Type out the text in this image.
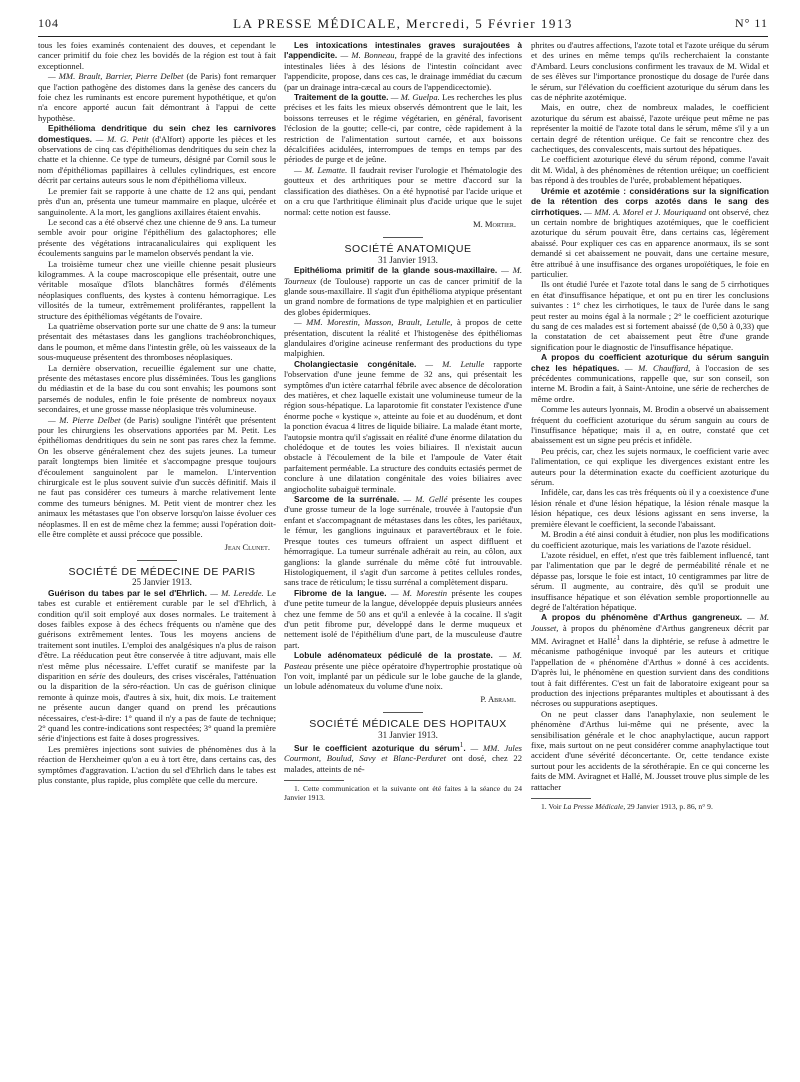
104	LA PRESSE MÉDICALE, Mercredi, 5 Février 1913	N° 11

tous les foies examinés contenaient des douves, et cependant le cancer primitif du foie chez les bovidés de la région est tout à fait exceptionnel.

— MM. Brault, Barrier, Pierre Delbet (de Paris) font remarquer que l'action pathogène des distomes dans la genèse des cancers du foie chez les ruminants est encore purement hypothétique, et qu'on n'a encore apporté aucun fait démontrant à l'appui de cette hypothèse.

Epithélioma dendritique du sein chez les carnivores domestiques. — M. G. Petit (d'Alfort) apporte les pièces et les observations de cinq cas d'épithéliomas dendritiques du sein chez la chatte et la chienne. Ce type de tumeurs, désigné par Cornil sous le nom d'épithéliomas papillaires à cellules cylindriques, est encore décrit par certains auteurs sous le nom d'épithélioma villeux.

Le premier fait se rapporte à une chatte de 12 ans qui, pendant près d'un an, présenta une tumeur mammaire en plaque, ulcérée et sanguinolente. A la mort, les ganglions axillaires étaient envahis.

Le second cas a été observé chez une chienne de 9 ans. La tumeur semble avoir pour origine l'épithélium des galactophores; elle présente des végétations intracanaliculaires qui expliquent les écoulements sanguins par le mamelon observés pendant la vie.

La troisième tumeur chez une vieille chienne pesait plusieurs kilogrammes. A la coupe macroscopique elle présentait, outre une véritable mosaïque d'îlots blanchâtres formés d'éléments néoplasiques confluents, des kystes à contenu hémorragique. Les villosités de la tumeur, extrêmement proliférantes, rappellent la structure des épithéliomas végétants de l'ovaire.

La quatrième observation porte sur une chatte de 9 ans: la tumeur présentait des métastases dans les ganglions trachéobronchiques, dans le poumon, et même dans l'intestin grêle, où les vaisseaux de la sous-muqueuse présentent des thromboses néoplasiques.

La dernière observation, recueillie également sur une chatte, présente des métastases encore plus disséminées. Tous les ganglions du médiastin et de la base du cou sont envahis; les poumons sont parsemés de nodules, enfin le foie présente de nombreux noyaux secondaires, et une grosse masse néoplasique très volumineuse.

— M. Pierre Delbet (de Paris) souligne l'intérêt que présentent pour les chirurgiens les observations apportées par M. Petit. Les épithéliomas dendritiques du sein ne sont pas rares chez la femme. On les observe généralement chez des sujets jeunes. La tumeur paraît longtemps bien limitée et s'accompagne presque toujours d'écoulement sanguinolent par le mamelon. L'intervention chirurgicale est le plus souvent suivie d'un succès définitif. Mais il ne faut pas considérer ces tumeurs à marche relativement lente comme des tumeurs bénignes. M. Petit vient de montrer chez les animaux les métastases que l'on observe lorsqu'on laisse évoluer ces néoplasmes. Il en est de même chez la femme; aussi l'opération doit-elle être complète et aussi précoce que possible.

Jean Clunet.

SOCIÉTÉ DE MÉDECINE DE PARIS

25 Janvier 1913.

Guérison du tabes par le sel d'Ehrlich. — M. Leredde. Le tabes est curable et entièrement curable par le sel d'Ehrlich, à condition qu'il soit employé aux doses normales. Le traitement à doses faibles expose à des échecs fréquents ou n'amène que des guérisons extrêmement lentes. Tous les moyens anciens de traitement sont inutiles. L'emploi des analgésiques n'a plus de raison d'être. La rééducation peut être conservée à titre adjuvant, mais elle n'est même plus nécessaire. L'effet curatif se manifeste par la disparition en série des douleurs, des crises viscérales, l'atténuation ou la disparition de la séro-réaction. Un cas de guérison clinique remonte à quinze mois, d'autres à six, huit, dix mois. Le traitement ne présente aucun danger quand on prend les précautions nécessaires, c'est-à-dire: 1° quand il n'y a pas de faute de technique; 2° quand les contre-indications sont respectées; 3° quand la première série d'injections est faite à doses progressives.

Les premières injections sont suivies de phénomènes dus à la réaction de Herxheimer qu'on a eu à tort être, dans certains cas, des symptômes d'aggravation. L'action du sel d'Ehrlich dans le tabes est plus constante, plus rapide, plus complète que celle du mercure.

Les intoxications intestinales graves surajoutées à l'appendicite. — M. Bonneau, frappé de la gravité des infections intestinales liées à des lésions de l'intestin coïncidant avec l'appendicite, propose, dans ces cas, le drainage immédiat du cæcum (par un drainage intra-cæcal au cours de l'appendicectomie).

Traitement de la goutte. — M. Guelpa. Les recherches les plus précises et les faits les mieux observés démontrent que le lait, les boissons terreuses et le régime végétarien, en général, favorisent l'éclosion de la goutte; celle-ci, par contre, cède rapidement à la restriction de l'alimentation surtout carnée, et aux boissons décalcifiées acidulées, interrompues de temps en temps par des périodes de purge et de jeûne.

— M. Lematte. Il faudrait reviser l'urologie et l'hématologie des goutteux et des arthritiques pour se mettre d'accord sur la classification des diathèses. On a été hypnotisé par l'acide urique et on a cru que l'arthritique éliminait plus d'acide urique que le sujet normal: cette notion est fausse.

M. Mortier.

SOCIÉTÉ ANATOMIQUE

31 Janvier 1913.

Epithélioma primitif de la glande sous-maxillaire. — M. Tourneux (de Toulouse) rapporte un cas de cancer primitif de la glande sous-maxillaire. Il s'agit d'un épithélioma atypique présentant un grand nombre de formations de type malpighien et en particulier des globes épidermiques.

— MM. Morestin, Masson, Brault, Letulle, à propos de cette présentation, discutent la réalité et l'histogenèse des épithéliomas glandulaires d'origine acineuse renfermant des productions du type malpighien.

Cholangiectasie congénitale. — M. Letulle rapporte l'observation d'une jeune femme de 32 ans, qui présentait les symptômes d'un ictère catarrhal fébrile avec absence de décoloration des matières, et chez laquelle existait une volumineuse tumeur de la région sous-hépatique. La laparotomie fit constater l'existence d'une énorme poche « kystique », atteinte au foie et au duodénum, et dont la ponction évacua 4 litres de liquide biliaire. La malade étant morte, l'autopsie montra qu'il s'agissait en réalité d'une énorme dilatation du cholédoque et de toutes les voies biliaires. Il n'existait aucun obstacle à l'écoulement de la bile et l'ampoule de Vater était parfaitement perméable. La structure des conduits ectasiés permet de conclure à une dilatation congénitale des voies biliaires avec angiocholite subaiguë terminale.

Sarcome de la surrénale. — M. Gellé présente les coupes d'une grosse tumeur de la loge surrénale, trouvée à l'autopsie d'un enfant et s'accompagnant de métastases dans les côtes, les pariétaux, le fémur, les ganglions inguinaux et paravertébraux et le foie. Presque toutes ces tumeurs offraient un aspect diffluent et hémorragique. La tumeur surrénale adhérait au rein, au côlon, aux ganglions: la glande surrénale du même côté fut introuvable. Histologiquement, il s'agit d'un sarcome à petites cellules rondes, sans trace de réticulum; le tissu surrénal a complètement disparu.

Fibrome de la langue. — M. Morestin présente les coupes d'une petite tumeur de la langue, développée depuis plusieurs années chez une femme de 50 ans et qu'il a enlevée à la cocaïne. Il s'agit d'un petit fibrome pur, développé dans le derme muqueux et nettement isolé de l'épithélium d'une part, de la musculeuse d'autre part.

Lobule adénomateux pédiculé de la prostate. — M. Pasteau présente une pièce opératoire d'hypertrophie prostatique où l'on voit, implanté par un pédicule sur le lobe gauche de la glande, un lobule adénomateux du volume d'une noix.

P. Abrami.

SOCIÉTÉ MÉDICALE DES HOPITAUX

31 Janvier 1913.

Sur le coefficient azoturique du sérum$^1$. — MM. Jules Courmont, Boulud, Savy et Blanc-Perduret ont dosé, chez 22 malades, atteints de né-

1. Cette communication et la suivante ont été faites à la séance du 24 Janvier 1913.

phrites ou d'autres affections, l'azote total et l'azote uréique du sérum et des urines en même temps qu'ils recherchaient la constante d'Ambard. Leurs conclusions confirment les travaux de M. Widal et de ses élèves sur l'importance pronostique du dosage de l'urée dans le sérum, sur l'élévation du coefficient azoturique du sérum dans les cas de néphrite azotémique.

Mais, en outre, chez de nombreux malades, le coefficient azoturique du sérum est abaissé, l'azote uréique peut même ne pas représenter la moitié de l'azote total dans le sérum, même s'il y a un certain degré de rétention uréique. Ce fait se rencontre chez des cachectiques, des convalescents, mais surtout des hépatiques.

Le coefficient azoturique élevé du sérum répond, comme l'avait dit M. Widal, à des phénomènes de rétention uréique; un coefficient bas répond à des troubles de l'urée, probablement hépatiques.

Urémie et azotémie : considérations sur la signification de la rétention des corps azotés dans le sang des cirrhotiques. — MM. A. Morel et J. Mouriquand ont observé, chez un certain nombre de brightiques azotémiques, que le coefficient azoturique du sérum pouvait être, dans certains cas, légèrement abaissé. Pour expliquer ces cas en apparence anormaux, ils se sont demandé si cet abaissement ne pouvait, dans une certaine mesure, être attribué à une insuffisance des organes uropoïétiques, le foie en particulier.

Ils ont étudié l'urée et l'azote total dans le sang de 5 cirrhotiques en état d'insuffisance hépatique, et ont pu en tirer les conclusions suivantes : 1° chez les cirrhotiques, le taux de l'urée dans le sang peut rester au moins égal à la normale ; 2° le coefficient azoturique du sang de ces malades est si fortement abaissé (de 0,50 à 0,33) que la constatation de cet abaissement peut être d'une grande signification pour le diagnostic de l'insuffisance hépatique.

A propos du coefficient azoturique du sérum sanguin chez les hépatiques. — M. Chauffard, à l'occasion de ses précédentes communications, rappelle que, sur son conseil, son interne M. Brodin a fait, à Saint-Antoine, une série de recherches de même ordre.

Comme les auteurs lyonnais, M. Brodin a observé un abaissement fréquent du coefficient azoturique du sérum sanguin au cours de l'insuffisance hépatique; mais il a, en outre, constaté que cet abaissement est un signe peu précis et infidèle.

Peu précis, car, chez les sujets normaux, le coefficient varie avec l'alimentation, ce qui explique les divergences existant entre les auteurs pour la détermination exacte du coefficient azoturique du sérum.

Infidèle, car, dans les cas très fréquents où il y a coexistence d'une lésion rénale et d'une lésion hépatique, la lésion rénale masque la lésion hépatique, ces deux lésions agissant en sens inverse, la première élevant le coefficient, la seconde l'abaissant.

M. Brodin a été ainsi conduit à étudier, non plus les modifications du coefficient azoturique, mais les variations de l'azote résiduel.

L'azote résiduel, en effet, n'est que très faiblement influencé, tant par l'alimentation que par le degré de perméabilité rénale et ne dépasse pas, lorsque le foie est intact, 10 centigrammes par litre de sérum. Il augmente, au contraire, dès qu'il se produit une insuffisance hépatique et son élévation semble proportionnelle au degré de l'altération hépatique.

A propos du phénomène d'Arthus gangreneux. — M. Jousset, à propos du phénomène d'Arthus gangreneux décrit par MM. Aviragnet et Hallé$^1$ dans la diphtérie, se refuse à admettre le mécanisme pathogénique invoqué par les auteurs et critique l'appellation de « phénomène d'Arthus » donné à ces accidents. D'après lui, le phénomène en question survient dans des conditions tout à fait différentes. C'est un fait de laboratoire exigeant pour sa production des injections préparantes multiples et aboutissant à des nécroses ou suppurations aseptiques.

On ne peut classer dans l'anaphylaxie, non seulement le phénomène d'Arthus lui-même qui ne présente, avec la sensibilisation générale et le choc anaphylactique, aucun rapport fixe, mais surtout on ne peut considérer comme anaphylactique tout accident d'une sévérité déconcertante. Or, cette tendance existe surtout pour les accidents de la sérothérapie. En ce qui concerne les faits de MM. Aviragnet et Hallé, M. Jousset trouve plus simple de les rattacher

1. Voir La Presse Médicale, 29 Janvier 1913, p. 86, n° 9.
